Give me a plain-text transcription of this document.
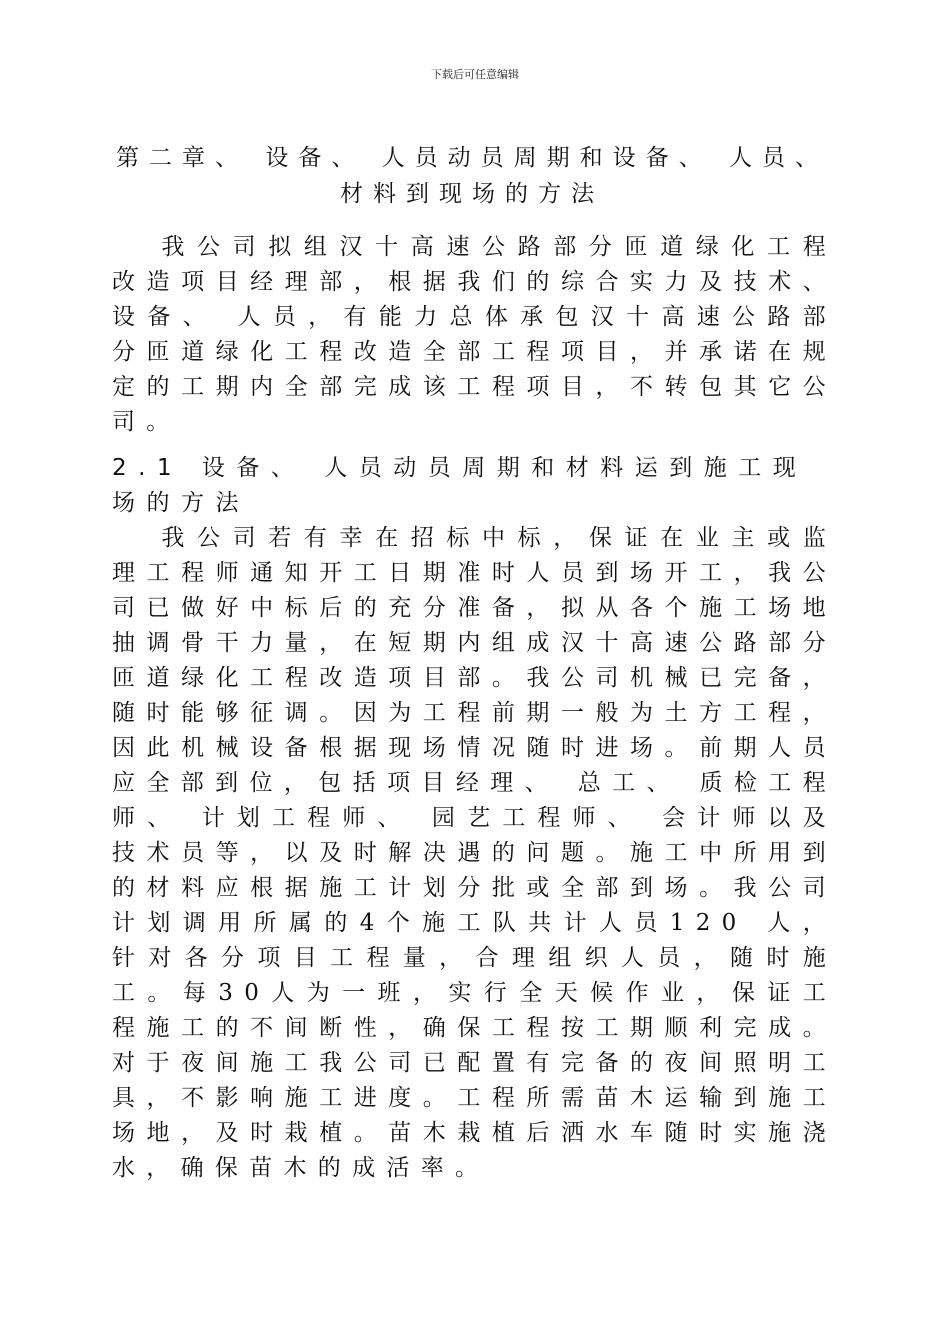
下载后可任意编辑
第二章、 设备、 人员动员周期和设备、 人员、 材料到现场的方法

我公司拟组汉十高速公路部分匝道绿化工程改造项目经理部，根据我们的综合实力及技术、 设备、 人员，有能力总体承包汉十高速公路部分匝道绿化工程改造全部工程项目，并承诺在规定的工期内全部完成该工程项目，不转包其它公司。

2.1 设备、 人员动员周期和材料运到施工现场的方法

我公司若有幸在招标中标，保证在业主或监理工程师通知开工日期准时人员到场开工，我公司已做好中标后的充分准备，拟从各个施工场地抽调骨干力量，在短期内组成汉十高速公路部分匝道绿化工程改造项目部。我公司机械已完备，随时能够征调。因为工程前期一般为土方工程，因此机械设备根据现场情况随时进场。前期人员应全部到位，包括项目经理、 总工、 质检工程师、 计划工程师、 园艺工程师、 会计师以及技术员等，以及时解决遇的问题。施工中所用到的材料应根据施工计划分批或全部到场。我公司计划调用所属的4个施工队共计人员120 人，针对各分项目工程量，合理组织人员，随时施工。每30人为一班，实行全天候作业，保证工程施工的不间断性，确保工程按工期顺利完成。对于夜间施工我公司已配置有完备的夜间照明工具，不影响施工进度。工程所需苗木运输到施工场地，及时栽植。苗木栽植后洒水车随时实施浇水，确保苗木的成活率。
